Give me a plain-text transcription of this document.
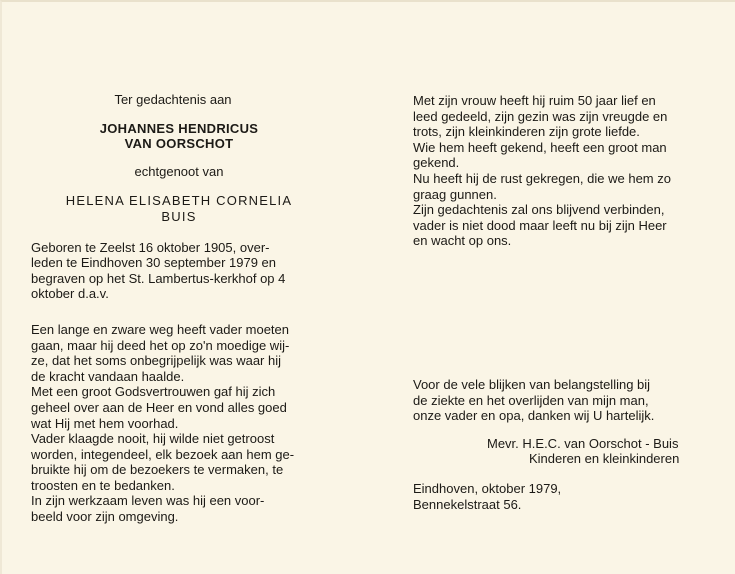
Ter gedachtenis aan
JOHANNES HENDRICUS
VAN OORSCHOT
echtgenoot van
HELENA ELISABETH CORNELIA
BUIS
Geboren te Zeelst 16 oktober 1905, over-
leden te Eindhoven 30 september 1979 en
begraven op het St. Lambertus-kerkhof op 4
oktober d.a.v.
Een lange en zware weg heeft vader moeten
gaan, maar hij deed het op zo'n moedige wij-
ze, dat het soms onbegrijpelijk was waar hij
de kracht vandaan haalde.
Met een groot Godsvertrouwen gaf hij zich
geheel over aan de Heer en vond alles goed
wat Hij met hem voorhad.
Vader klaagde nooit, hij wilde niet getroost
worden, integendeel, elk bezoek aan hem ge-
bruikte hij om de bezoekers te vermaken, te
troosten en te bedanken.
In zijn werkzaam leven was hij een voor-
beeld voor zijn omgeving.
Met zijn vrouw heeft hij ruim 50 jaar lief en
leed gedeeld, zijn gezin was zijn vreugde en
trots, zijn kleinkinderen zijn grote liefde.
Wie hem heeft gekend, heeft een groot man
gekend.
Nu heeft hij de rust gekregen, die we hem zo
graag gunnen.
Zijn gedachtenis zal ons blijvend verbinden,
vader is niet dood maar leeft nu bij zijn Heer
en wacht op ons.
Voor de vele blijken van belangstelling bij
de ziekte en het overlijden van mijn man,
onze vader en opa, danken wij U hartelijk.
Mevr. H.E.C. van Oorschot - Buis
Kinderen en kleinkinderen
Eindhoven, oktober 1979,
Bennekelstraat 56.
